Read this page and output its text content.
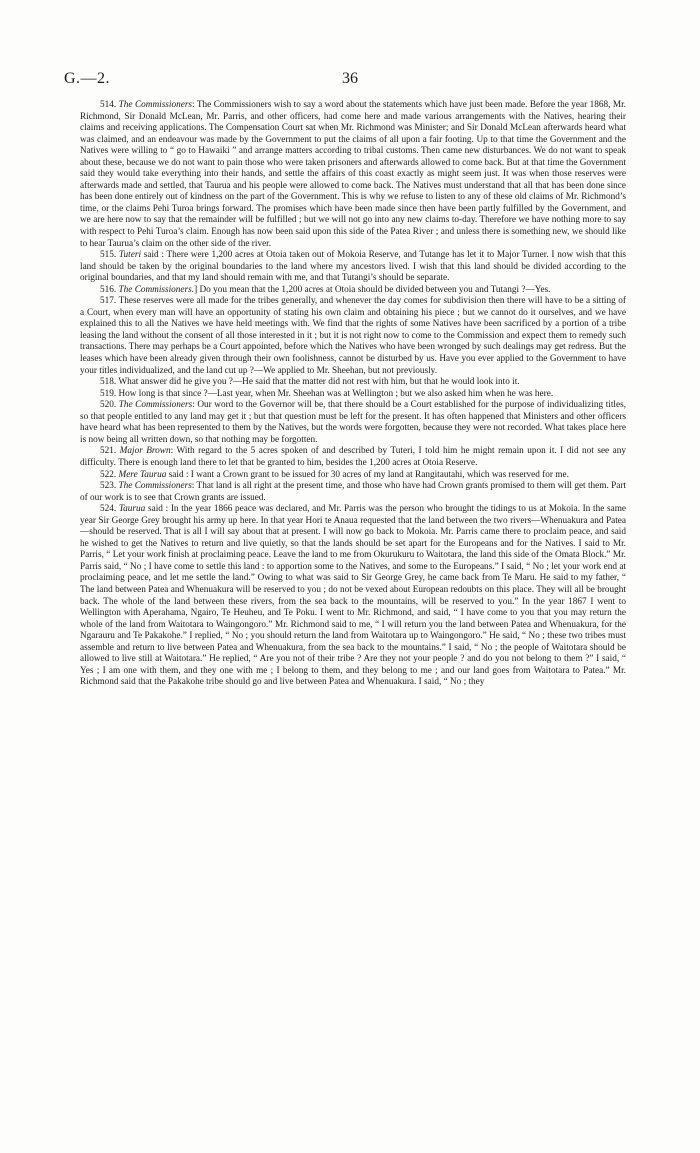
G.—2.	36

514. The Commissioners: The Commissioners wish to say a word about the statements which have just been made. Before the year 1868, Mr. Richmond, Sir Donald McLean, Mr. Parris, and other officers, had come here and made various arrangements with the Natives, hearing their claims and receiving applications. The Compensation Court sat when Mr. Richmond was Minister; and Sir Donald McLean afterwards heard what was claimed, and an endeavour was made by the Government to put the claims of all upon a fair footing. Up to that time the Government and the Natives were willing to “ go to Hawaiki ” and arrange matters according to tribal customs. Then came new disturbances. We do not want to speak about these, because we do not want to pain those who were taken prisoners and afterwards allowed to come back. But at that time the Government said they would take everything into their hands, and settle the affairs of this coast exactly as might seem just. It was when those reserves were afterwards made and settled, that Taurua and his people were allowed to come back. The Natives must understand that all that has been done since has been done entirely out of kindness on the part of the Government. This is why we refuse to listen to any of these old claims of Mr. Richmond’s time, or the claims Pehi Turoa brings forward. The promises which have been made since then have been partly fulfilled by the Government, and we are here now to say that the remainder will be fulfilled ; but we will not go into any new claims to-day. Therefore we have nothing more to say with respect to Pehi Turoa’s claim. Enough has now been said upon this side of the Patea River ; and unless there is something new, we should like to hear Taurua’s claim on the other side of the river.

515. Tuteri said : There were 1,200 acres at Otoia taken out of Mokoia Reserve, and Tutange has let it to Major Turner. I now wish that this land should be taken by the original boundaries to the land where my ancestors lived. I wish that this land should be divided according to the original boundaries, and that my land should remain with me, and that Tutangi’s should be separate.

516. The Commissioners.] Do you mean that the 1,200 acres at Otoia should be divided between you and Tutangi ?—Yes.

517. These reserves were all made for the tribes generally, and whenever the day comes for subdivision then there will have to be a sitting of a Court, when every man will have an opportunity of stating his own claim and obtaining his piece ; but we cannot do it ourselves, and we have explained this to all the Natives we have held meetings with. We find that the rights of some Natives have been sacrificed by a portion of a tribe leasing the land without the consent of all those interested in it ; but it is not right now to come to the Commission and expect them to remedy such transactions. There may perhaps be a Court appointed, before which the Natives who have been wronged by such dealings may get redress. But the leases which have been already given through their own foolishness, cannot be disturbed by us. Have you ever applied to the Government to have your titles individualized, and the land cut up ?—We applied to Mr. Sheehan, but not previously.

518. What answer did he give you ?—He said that the matter did not rest with him, but that he would look into it.

519. How long is that since ?—Last year, when Mr. Sheehan was at Wellington ; but we also asked him when he was here.

520. The Commissioners: Our word to the Governor will be, that there should be a Court established for the purpose of individualizing titles, so that people entitled to any land may get it ; but that question must be left for the present. It has often happened that Ministers and other officers have heard what has been represented to them by the Natives, but the words were forgotten, because they were not recorded. What takes place here is now being all written down, so that nothing may be forgotten.

521. Major Brown: With regard to the 5 acres spoken of and described by Tuteri, I told him he might remain upon it. I did not see any difficulty. There is enough land there to let that be granted to him, besides the 1,200 acres at Otoia Reserve.

522. Mere Taurua said : I want a Crown grant to be issued for 30 acres of my land at Rangitautahi, which was reserved for me.

523. The Commissioners: That land is all right at the present time, and those who have had Crown grants promised to them will get them. Part of our work is to see that Crown grants are issued.

524. Taurua said : In the year 1866 peace was declared, and Mr. Parris was the person who brought the tidings to us at Mokoia. In the same year Sir George Grey brought his army up here. In that year Hori te Anaua requested that the land between the two rivers—Whenuakura and Patea—should be reserved. That is all I will say about that at present. I will now go back to Mokoia. Mr. Parris came there to proclaim peace, and said he wished to get the Natives to return and live quietly, so that the lands should be set apart for the Europeans and for the Natives. I said to Mr. Parris, “ Let your work finish at proclaiming peace. Leave the land to me from Okurukuru to Waitotara, the land this side of the Omata Block.” Mr. Parris said, “ No ; I have come to settle this land : to apportion some to the Natives, and some to the Europeans.” I said, “ No ; let your work end at proclaiming peace, and let me settle the land.” Owing to what was said to Sir George Grey, he came back from Te Maru. He said to my father, “ The land between Patea and Whenuakura will be reserved to you ; do not be vexed about European redoubts on this place. They will all be brought back. The whole of the land between these rivers, from the sea back to the mountains, will be reserved to you.” In the year 1867 I went to Wellington with Aperahama, Ngairo, Te Heuheu, and Te Poku. I went to Mr. Richmond, and said, “ I have come to you that you may return the whole of the land from Waitotara to Waingongoro.” Mr. Richmond said to me, “ I will return you the land between Patea and Whenuakura, for the Ngarauru and Te Pakakohe.” I replied, “ No ; you should return the land from Waitotara up to Waingongoro.” He said, “ No ; these two tribes must assemble and return to live between Patea and Whenuakura, from the sea back to the mountains.” I said, “ No ; the people of Waitotara should be allowed to live still at Waitotara.” He replied, “ Are you not of their tribe ? Are they not your people ? and do you not belong to them ?” I said, “ Yes ; I am one with them, and they one with me ; I belong to them, and they belong to me ; and our land goes from Waitotara to Patea.” Mr. Richmond said that the Pakakohe tribe should go and live between Patea and Whenuakura. I said, “ No ; they
